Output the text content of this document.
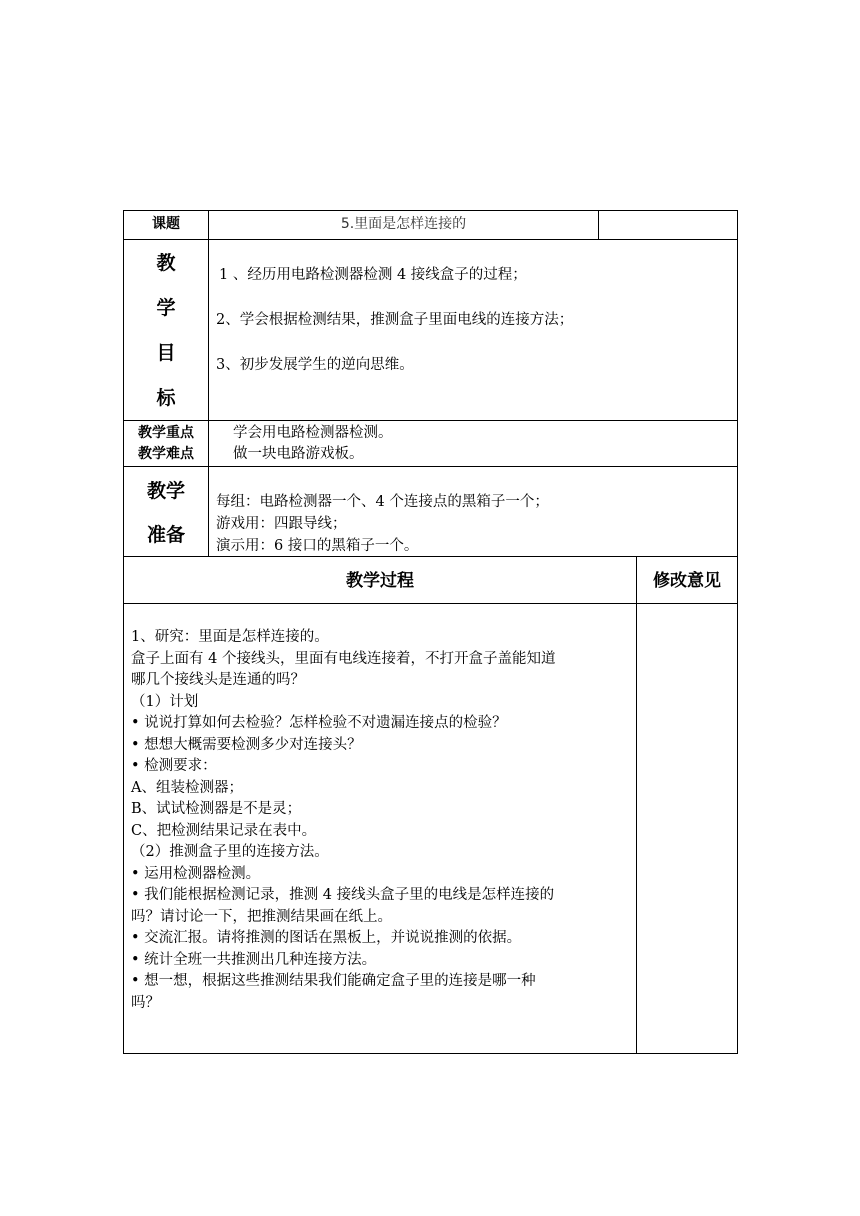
课题	5.里面是怎样连接的
教
学
目
标
1 、经历用电路检测器检测 4 接线盒子的过程；
2、学会根据检测结果，推测盒子里面电线的连接方法；
3、初步发展学生的逆向思维。
教学重点
教学难点
学会用电路检测器检测。
做一块电路游戏板。
教学
准备
每组：电路检测器一个、4 个连接点的黑箱子一个；
游戏用：四跟导线；
演示用：6 接口的黑箱子一个。
教学过程	修改意见
1、研究：里面是怎样连接的。
盒子上面有 4 个接线头，里面有电线连接着，不打开盒子盖能知道
哪几个接线头是连通的吗？
（1）计划
• 说说打算如何去检验？怎样检验不对遗漏连接点的检验？
• 想想大概需要检测多少对连接头？
• 检测要求：
A、组装检测器；
B、试试检测器是不是灵；
C、把检测结果记录在表中。
（2）推测盒子里的连接方法。
• 运用检测器检测。
• 我们能根据检测记录，推测 4 接线头盒子里的电线是怎样连接的
吗？请讨论一下，把推测结果画在纸上。
• 交流汇报。请将推测的图话在黑板上，并说说推测的依据。
• 统计全班一共推测出几种连接方法。
• 想一想，根据这些推测结果我们能确定盒子里的连接是哪一种
吗？
